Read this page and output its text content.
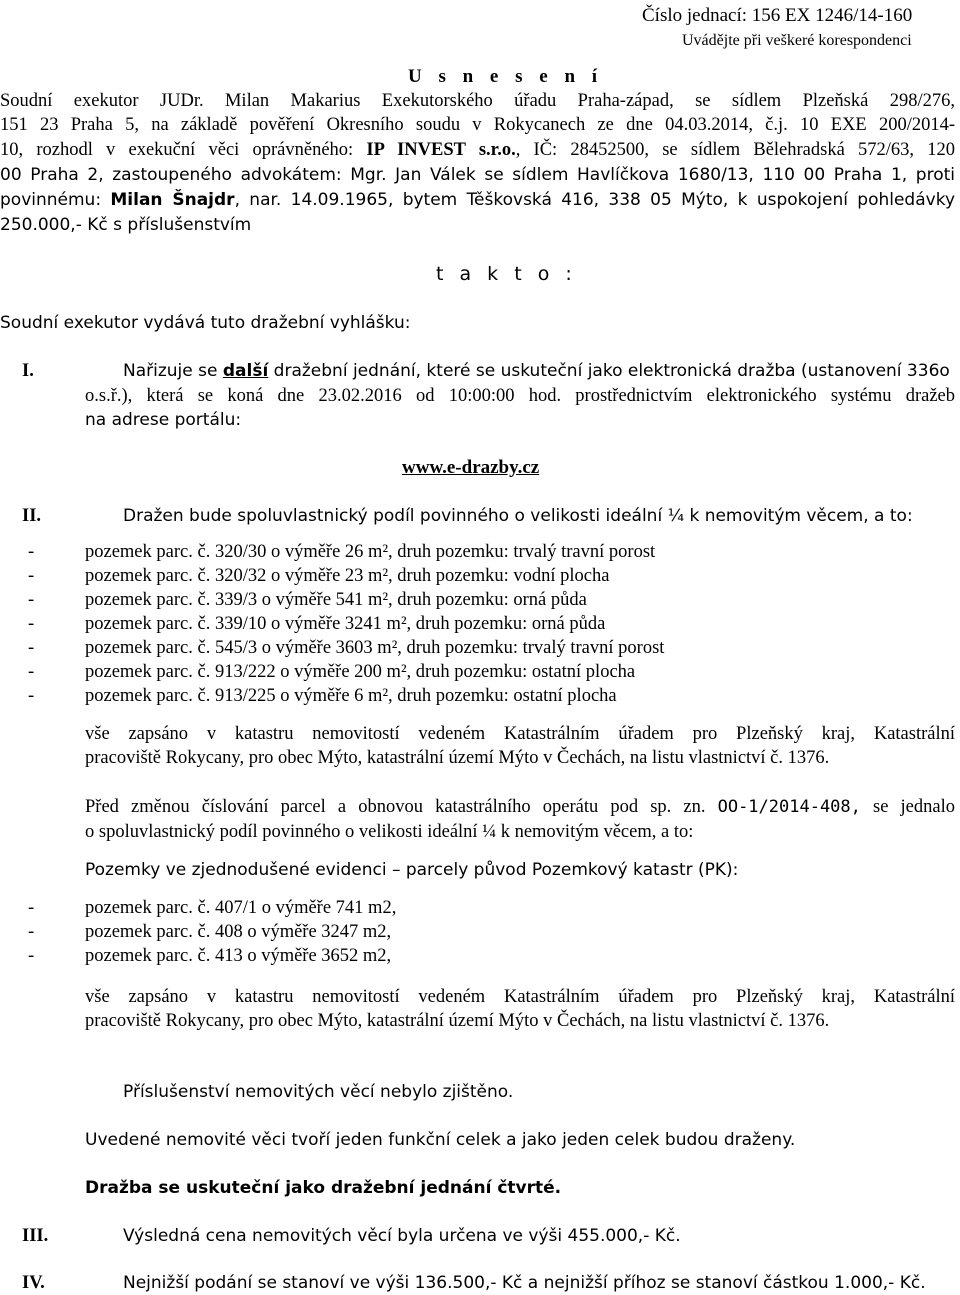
Číslo jednací: 156 EX 1246/14-160
Uvádějte při veškeré korespondenci
U s n e s e n í
Soudní exekutor JUDr. Milan Makarius Exekutorského úřadu Praha-západ, se sídlem Plzeňská 298/276,
151 23 Praha 5, na základě pověření Okresního soudu v Rokycanech ze dne 04.03.2014, č.j. 10 EXE 200/2014-
10, rozhodl v exekuční věci oprávněného: IP INVEST s.r.o., IČ: 28452500, se sídlem Bělehradská 572/63, 120
00 Praha 2, zastoupeného advokátem: Mgr. Jan Válek se sídlem Havlíčkova 1680/13, 110 00 Praha 1, proti
povinnému: Milan Šnajdr, nar. 14.09.1965, bytem Těškovská 416, 338 05 Mýto, k uspokojení pohledávky
250.000,- Kč s příslušenstvím
t a k t o :
Soudní exekutor vydává tuto dražební vyhlášku:
I.	Nařizuje se další dražební jednání, které se uskuteční jako elektronická dražba (ustanovení 336o
o.s.ř.), která se koná dne 23.02.2016 od 10:00:00 hod. prostřednictvím elektronického systému dražeb
na adrese portálu:
www.e-drazby.cz
II.	Dražen bude spoluvlastnický podíl povinného o velikosti ideální ¼ k nemovitým věcem, a to:
-	pozemek parc. č. 320/30 o výměře 26 m², druh pozemku: trvalý travní porost
-	pozemek parc. č. 320/32 o výměře 23 m², druh pozemku: vodní plocha
-	pozemek parc. č. 339/3 o výměře 541 m², druh pozemku: orná půda
-	pozemek parc. č. 339/10 o výměře 3241 m², druh pozemku: orná půda
-	pozemek parc. č. 545/3 o výměře 3603 m², druh pozemku: trvalý travní porost
-	pozemek parc. č. 913/222 o výměře 200 m², druh pozemku: ostatní plocha
-	pozemek parc. č. 913/225 o výměře 6 m², druh pozemku: ostatní plocha
vše zapsáno v katastru nemovitostí vedeném Katastrálním úřadem pro Plzeňský kraj, Katastrální
pracoviště Rokycany, pro obec Mýto, katastrální území Mýto v Čechách, na listu vlastnictví č. 1376.
Před změnou číslování parcel a obnovou katastrálního operátu pod sp. zn. OO-1/2014-408, se jednalo
o spoluvlastnický podíl povinného o velikosti ideální ¼ k nemovitým věcem, a to:
Pozemky ve zjednodušené evidenci – parcely původ Pozemkový katastr (PK):
-	pozemek parc. č. 407/1 o výměře 741 m2,
-	pozemek parc. č. 408 o výměře 3247 m2,
-	pozemek parc. č. 413 o výměře 3652 m2,
vše zapsáno v katastru nemovitostí vedeném Katastrálním úřadem pro Plzeňský kraj, Katastrální
pracoviště Rokycany, pro obec Mýto, katastrální území Mýto v Čechách, na listu vlastnictví č. 1376.
Příslušenství nemovitých věcí nebylo zjištěno.
Uvedené nemovité věci tvoří jeden funkční celek a jako jeden celek budou draženy.
Dražba se uskuteční jako dražební jednání čtvrté.
III.	Výsledná cena nemovitých věcí byla určena ve výši 455.000,- Kč.
IV.	Nejnižší podání se stanoví ve výši 136.500,- Kč a nejnižší příhoz se stanoví částkou 1.000,- Kč.
